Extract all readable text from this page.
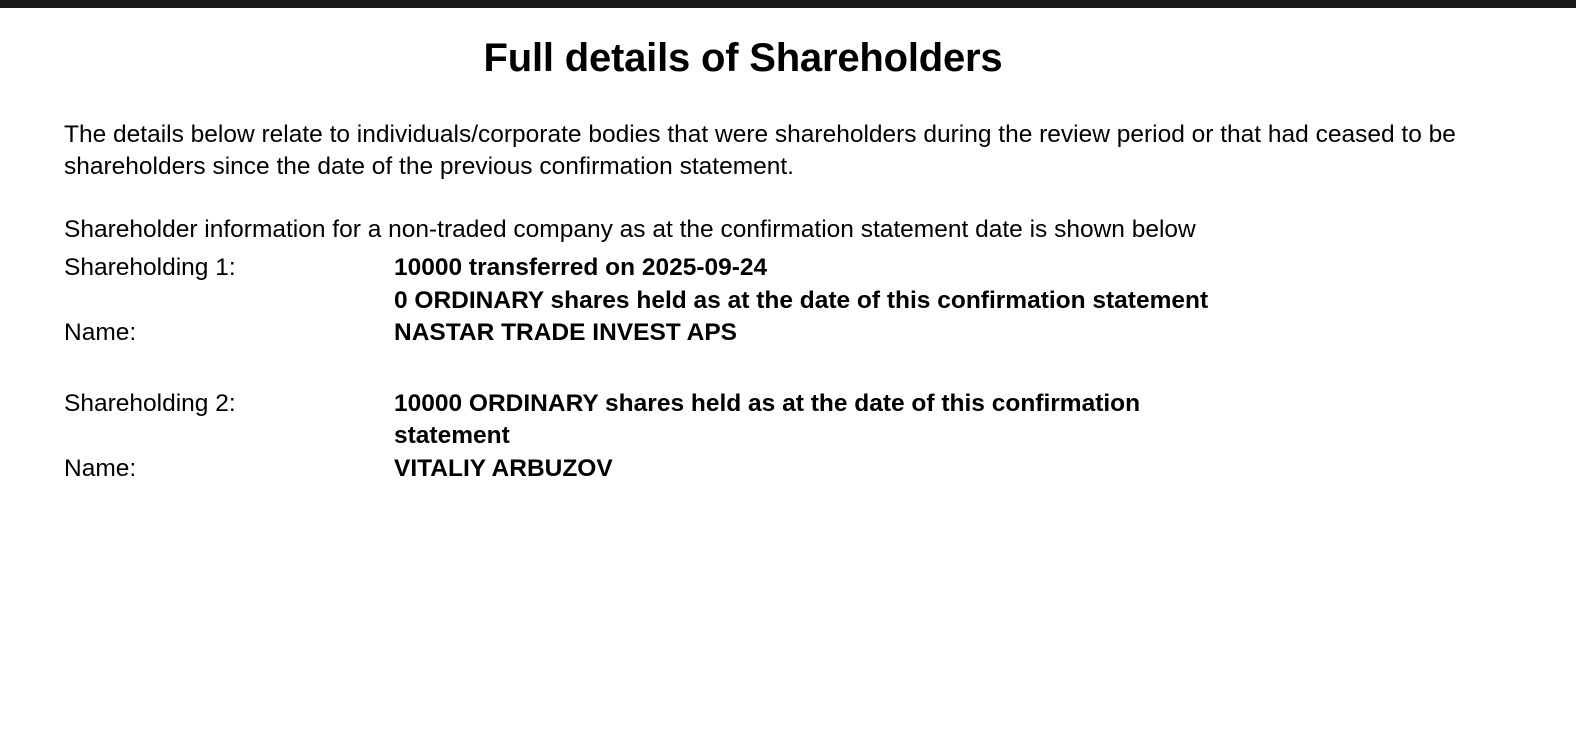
Full details of Shareholders

The details below relate to individuals/corporate bodies that were shareholders during the review period or that had ceased to be shareholders since the date of the previous confirmation statement.

Shareholder information for a non-traded company as at the confirmation statement date is shown below

Shareholding 1:	10000 transferred on 2025-09-24
0 ORDINARY shares held as at the date of this confirmation statement
Name:	NASTAR TRADE INVEST APS
Shareholding 2:	10000 ORDINARY shares held as at the date of this confirmation
statement
Name:	VITALIY ARBUZOV
